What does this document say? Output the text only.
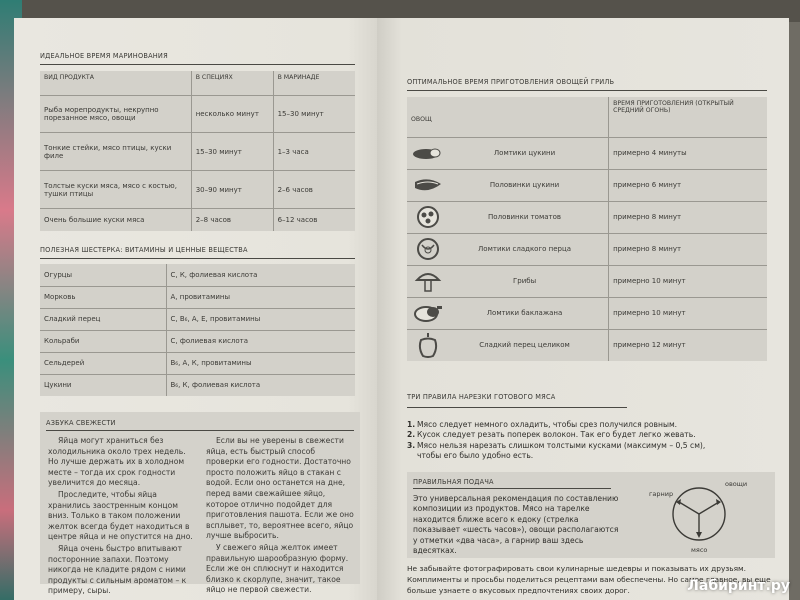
ИДЕАЛЬНОЕ ВРЕМЯ МАРИНОВАНИЯ
ВИД ПРОДУКТА	В СПЕЦИЯХ	В МАРИНАДЕ
Рыба морепродукты, некрупно порезанное мясо, овощи	несколько минут	15–30 минут
Тонкие стейки, мясо птицы, куски филе	15–30 минут	1–3 часа
Толстые куски мяса, мясо с костью, тушки птицы	30–90 минут	2–6 часов
Очень большие куски мяса	2–8 часов	6–12 часов
ПОЛЕЗНАЯ ШЕСТЕРКА: ВИТАМИНЫ И ЦЕННЫЕ ВЕЩЕСТВА
Огурцы	С, К, фолиевая кислота
Морковь	А, провитамины
Сладкий перец	С, В₆, А, Е, провитамины
Кольраби	С, фолиевая кислота
Сельдерей	В₆, А, К, провитамины
Цукини	В₆, К, фолиевая кислота
АЗБУКА СВЕЖЕСТИ

Яйца могут храниться без холодильника около трех недель. Но лучше держать их в холодном месте – тогда их срок годности увеличится до месяца.

Проследите, чтобы яйца хранились заостренным концом вниз. Только в таком положении желток всегда будет находиться в центре яйца и не опустится на дно.

Яйца очень быстро впитывают посторонние запахи. Поэтому никогда не кладите рядом с ними продукты с сильным ароматом – к примеру, сыры.

Если вы не уверены в свежести яйца, есть быстрый способ проверки его годности. Достаточно просто положить яйцо в стакан с водой. Если оно останется на дне, перед вами свежайшее яйцо, которое отлично подойдет для приготовления пашота. Если же оно всплывет, то, вероятнее всего, яйцо лучше выбросить.

У свежего яйца желток имеет правильную шарообразную форму. Если же он сплюснут и находится близко к скорлупе, значит, такое яйцо не первой свежести.

ОПТИМАЛЬНОЕ ВРЕМЯ ПРИГОТОВЛЕНИЯ ОВОЩЕЙ ГРИЛЬ
ОВОЩ	ВРЕМЯ ПРИГОТОВЛЕНИЯ (ОТКРЫТЫЙ СРЕДНИЙ ОГОНЬ)

Ломтики цукини	примерно 4 минуты

Половинки цукини	примерно 6 минут

Половинки томатов	примерно 8 минут

Ломтики сладкого перца	примерно 8 минут

Грибы	примерно 10 минут

Ломтики баклажана	примерно 10 минут

Сладкий перец целиком	примерно 12 минут
ТРИ ПРАВИЛА НАРЕЗКИ ГОТОВОГО МЯСА
1. Мясо следует немного охладить, чтобы срез получился ровным.
2. Кусок следует резать поперек волокон. Так его будет легко жевать.
3. Мясо нельзя нарезать слишком толстыми кусками (максимум – 0,5 см), чтобы его было удобно есть.
ПРАВИЛЬНАЯ ПОДАЧА
Это универсальная рекомендация по составлению композиции из продуктов. Мясо на тарелке находится ближе всего к едоку (стрелка показывает «шесть часов»), овощи располагаются у отметки «два часа», а гарнир ваш здесь вдесятках.
гарнир
овощи
мясо
Не забывайте фотографировать свои кулинарные шедевры и показывать их друзьям. Комплименты и просьбы поделиться рецептами вам обеспечены. Но самое главное, вы еще больше узнаете о вкусовых предпочтениях своих дорог.	Лабиринт.ру
